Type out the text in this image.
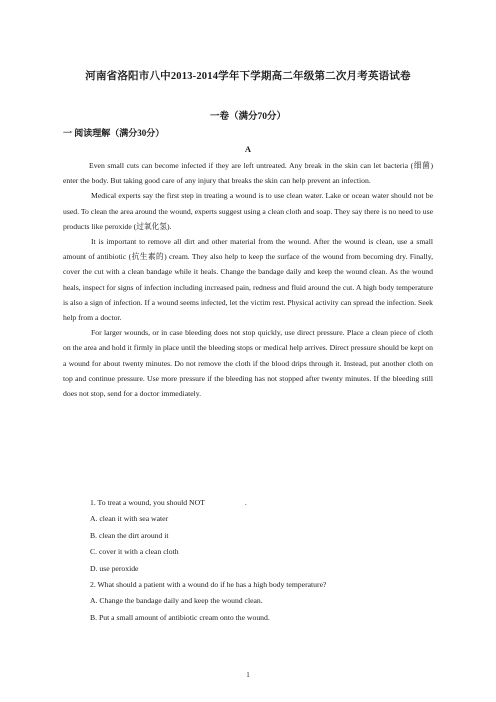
河南省洛阳市八中2013-2014学年下学期高二年级第二次月考英语试卷
一卷（满分70分）
一 阅读理解（满分30分）
A

Even small cuts can become infected if they are left untreated. Any break in the skin can let bacteria (细菌) enter the body. But taking good care of any injury that breaks the skin can help prevent an infection.

Medical experts say the first step in treating a wound is to use clean water. Lake or ocean water should not be used. To clean the area around the wound, experts suggest using a clean cloth and soap. They say there is no need to use products like peroxide (过氧化氢).

It is important to remove all dirt and other material from the wound. After the wound is clean, use a small amount of antibiotic (抗生素的) cream. They also help to keep the surface of the wound from becoming dry. Finally, cover the cut with a clean bandage while it heals. Change the bandage daily and keep the wound clean. As the wound heals, inspect for signs of infection including increased pain, redness and fluid around the cut. A high body temperature is also a sign of infection. If a wound seems infected, let the victim rest. Physical activity can spread the infection. Seek help from a doctor.

For larger wounds, or in case bleeding does not stop quickly, use direct pressure. Place a clean piece of cloth on the area and hold it firmly in place until the bleeding stops or medical help arrives. Direct pressure should be kept on a wound for about twenty minutes. Do not remove the cloth if the blood drips through it. Instead, put another cloth on top and continue pressure. Use more pressure if the bleeding has not stopped after twenty minutes. If the bleeding still does not stop, send for a doctor immediately.

1. To treat a wound, you should NOT	.
A. clean it with sea water
B. clean the dirt around it
C. cover it with a clean cloth
D. use peroxide
2. What should a patient with a wound do if he has a high body temperature?
A. Change the bandage daily and keep the wound clean.
B. Put a small amount of antibiotic cream onto the wound.
1
